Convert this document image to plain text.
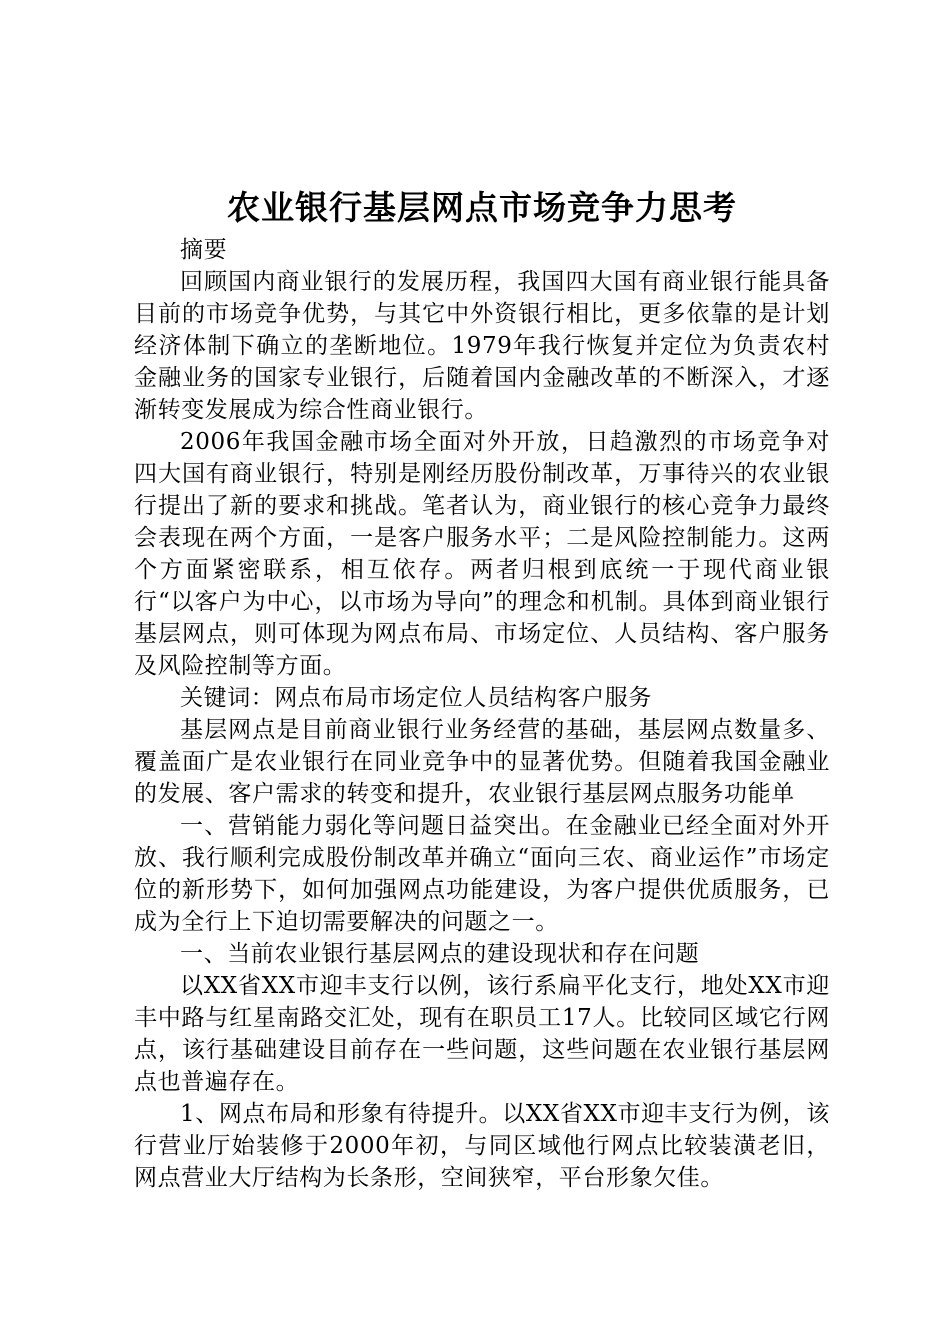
农业银行基层网点市场竞争力思考

摘要

回顾国内商业银行的发展历程，我国四大国有商业银行能具备目前的市场竞争优势，与其它中外资银行相比，更多依靠的是计划经济体制下确立的垄断地位。1979年我行恢复并定位为负责农村金融业务的国家专业银行，后随着国内金融改革的不断深入，才逐渐转变发展成为综合性商业银行。

2006年我国金融市场全面对外开放，日趋激烈的市场竞争对四大国有商业银行，特别是刚经历股份制改革，万事待兴的农业银行提出了新的要求和挑战。笔者认为，商业银行的核心竞争力最终会表现在两个方面，一是客户服务水平；二是风险控制能力。这两个方面紧密联系，相互依存。两者归根到底统一于现代商业银行“以客户为中心，以市场为导向”的理念和机制。具体到商业银行基层网点，则可体现为网点布局、市场定位、人员结构、客户服务及风险控制等方面。

关键词：网点布局市场定位人员结构客户服务

基层网点是目前商业银行业务经营的基础，基层网点数量多、覆盖面广是农业银行在同业竞争中的显著优势。但随着我国金融业的发展、客户需求的转变和提升，农业银行基层网点服务功能单

一、营销能力弱化等问题日益突出。在金融业已经全面对外开放、我行顺利完成股份制改革并确立“面向三农、商业运作”市场定位的新形势下，如何加强网点功能建设，为客户提供优质服务，已成为全行上下迫切需要解决的问题之一。

一、当前农业银行基层网点的建设现状和存在问题

以XX省XX市迎丰支行以例，该行系扁平化支行，地处XX市迎丰中路与红星南路交汇处，现有在职员工17人。比较同区域它行网点，该行基础建设目前存在一些问题，这些问题在农业银行基层网点也普遍存在。

1、网点布局和形象有待提升。以XX省XX市迎丰支行为例，该行营业厅始装修于2000年初，与同区域他行网点比较装潢老旧，网点营业大厅结构为长条形，空间狭窄，平台形象欠佳。
